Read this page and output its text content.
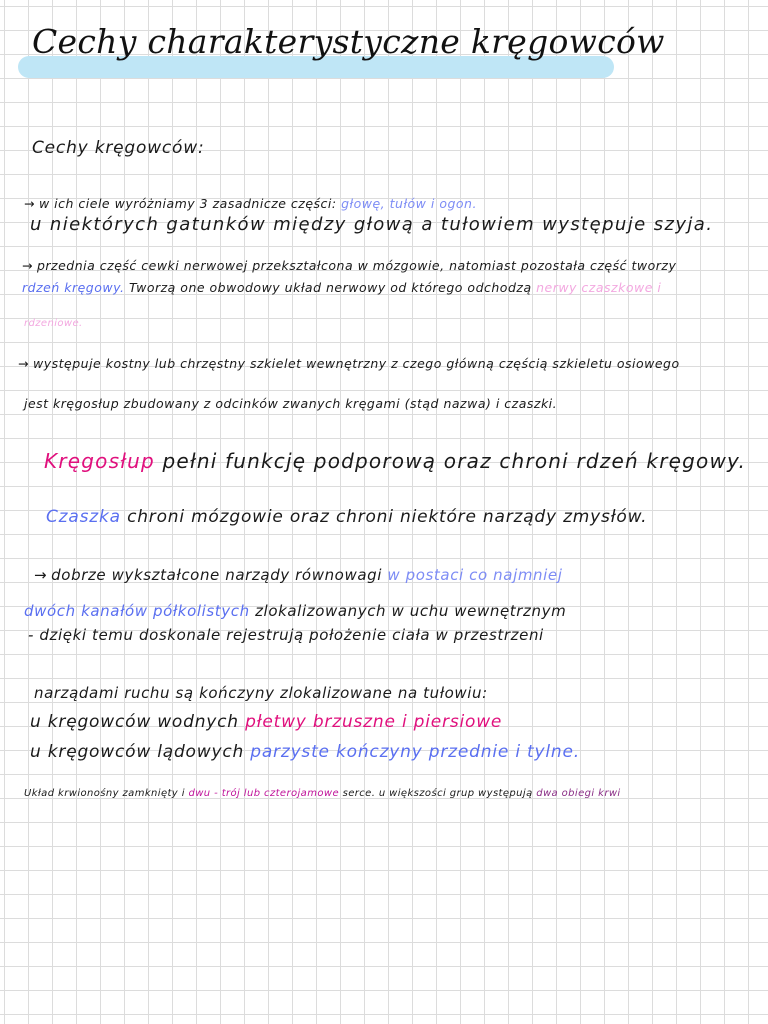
Cechy charakterystyczne kręgowców
Cechy kręgowców:
→ w ich ciele wyróżniamy 3 zasadnicze części: głowę, tułów i ogon.
u niektórych gatunków między głową a tułowiem występuje szyja.
→ przednia część cewki nerwowej przekształcona w mózgowie, natomiast pozostała część tworzy
rdzeń kręgowy. Tworzą one obwodowy układ nerwowy od którego odchodzą nerwy czaszkowe i
rdzeniowe.
→ występuje kostny lub chrzęstny szkielet wewnętrzny z czego główną częścią szkieletu osiowego
jest kręgosłup zbudowany z odcinków zwanych kręgami (stąd nazwa) i czaszki.
Kręgosłup pełni funkcję podporową oraz chroni rdzeń kręgowy.
Czaszka chroni mózgowie oraz chroni niektóre narządy zmysłów.
→ dobrze wykształcone narządy równowagi w postaci co najmniej
dwóch kanałów półkolistych zlokalizowanych w uchu wewnętrznym
- dzięki temu doskonale rejestrują położenie ciała w przestrzeni
narządami ruchu są kończyny zlokalizowane na tułowiu:
u kręgowców wodnych płetwy brzuszne i piersiowe
u kręgowców lądowych parzyste kończyny przednie i tylne.
Układ krwionośny zamknięty i dwu - trój lub czterojamowe serce. u większości grup występują dwa obiegi krwi
